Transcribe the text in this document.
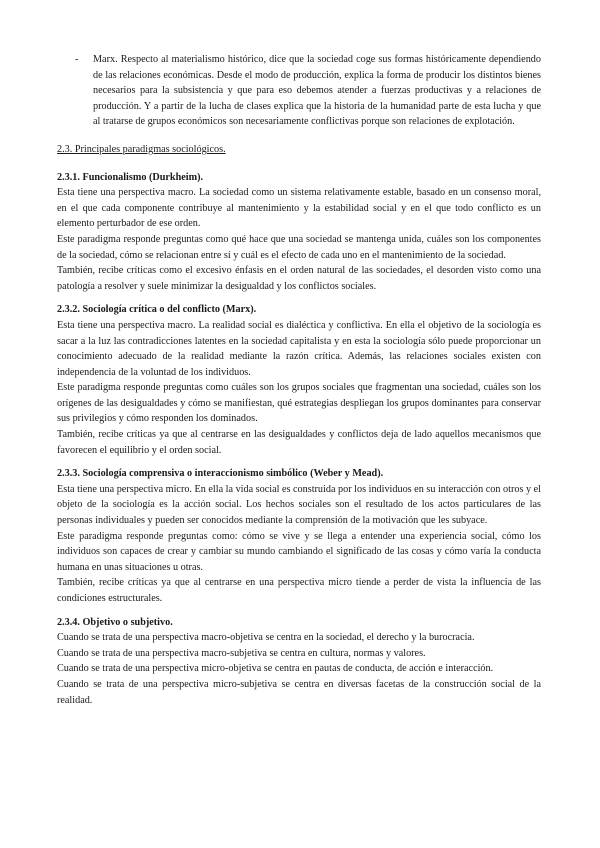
- Marx. Respecto al materialismo histórico, dice que la sociedad coge sus formas históricamente dependiendo de las relaciones económicas. Desde el modo de producción, explica la forma de producir los distintos bienes necesarios para la subsistencia y que para eso debemos atender a fuerzas productivas y a relaciones de producción. Y a partir de la lucha de clases explica que la historia de la humanidad parte de esta lucha y que al tratarse de grupos económicos son necesariamente conflictivas porque son relaciones de explotación.

2.3. Principales paradigmas sociológicos.
2.3.1. Funcionalismo (Durkheim).

Esta tiene una perspectiva macro. La sociedad como un sistema relativamente estable, basado en un consenso moral, en el que cada componente contribuye al mantenimiento y la estabilidad social y en el que todo conflicto es un elemento perturbador de ese orden.

Este paradigma responde preguntas como qué hace que una sociedad se mantenga unida, cuáles son los componentes de la sociedad, cómo se relacionan entre sí y cuál es el efecto de cada uno en el mantenimiento de la sociedad.

También, recibe críticas como el excesivo énfasis en el orden natural de las sociedades, el desorden visto como una patología a resolver y suele minimizar la desigualdad y los conflictos sociales.

2.3.2. Sociología crítica o del conflicto (Marx).

Esta tiene una perspectiva macro. La realidad social es dialéctica y conflictiva. En ella el objetivo de la sociología es sacar a la luz las contradicciones latentes en la sociedad capitalista y en esta la sociología sólo puede proporcionar un conocimiento adecuado de la realidad mediante la razón crítica. Además, las relaciones sociales existen con independencia de la voluntad de los individuos.

Este paradigma responde preguntas como cuáles son los grupos sociales que fragmentan una sociedad, cuáles son los orígenes de las desigualdades y cómo se manifiestan, qué estrategias despliegan los grupos dominantes para conservar sus privilegios y cómo responden los dominados.

También, recibe críticas ya que al centrarse en las desigualdades y conflictos deja de lado aquellos mecanismos que favorecen el equilibrio y el orden social.

2.3.3. Sociología comprensiva o interaccionismo simbólico (Weber y Mead).

Esta tiene una perspectiva micro. En ella la vida social es construida por los individuos en su interacción con otros y el objeto de la sociología es la acción social. Los hechos sociales son el resultado de los actos particulares de las personas individuales y pueden ser conocidos mediante la comprensión de la motivación que les subyace.

Este paradigma responde preguntas como: cómo se vive y se llega a entender una experiencia social, cómo los individuos son capaces de crear y cambiar su mundo cambiando el significado de las cosas y cómo varía la conducta humana en unas situaciones u otras.

También, recibe críticas ya que al centrarse en una perspectiva micro tiende a perder de vista la influencia de las condiciones estructurales.

2.3.4. Objetivo o subjetivo.

Cuando se trata de una perspectiva macro-objetiva se centra en la sociedad, el derecho y la burocracia.

Cuando se trata de una perspectiva macro-subjetiva se centra en cultura, normas y valores.

Cuando se trata de una perspectiva micro-objetiva se centra en pautas de conducta, de acción e interacción.

Cuando se trata de una perspectiva micro-subjetiva se centra en diversas facetas de la construcción social de la realidad.
